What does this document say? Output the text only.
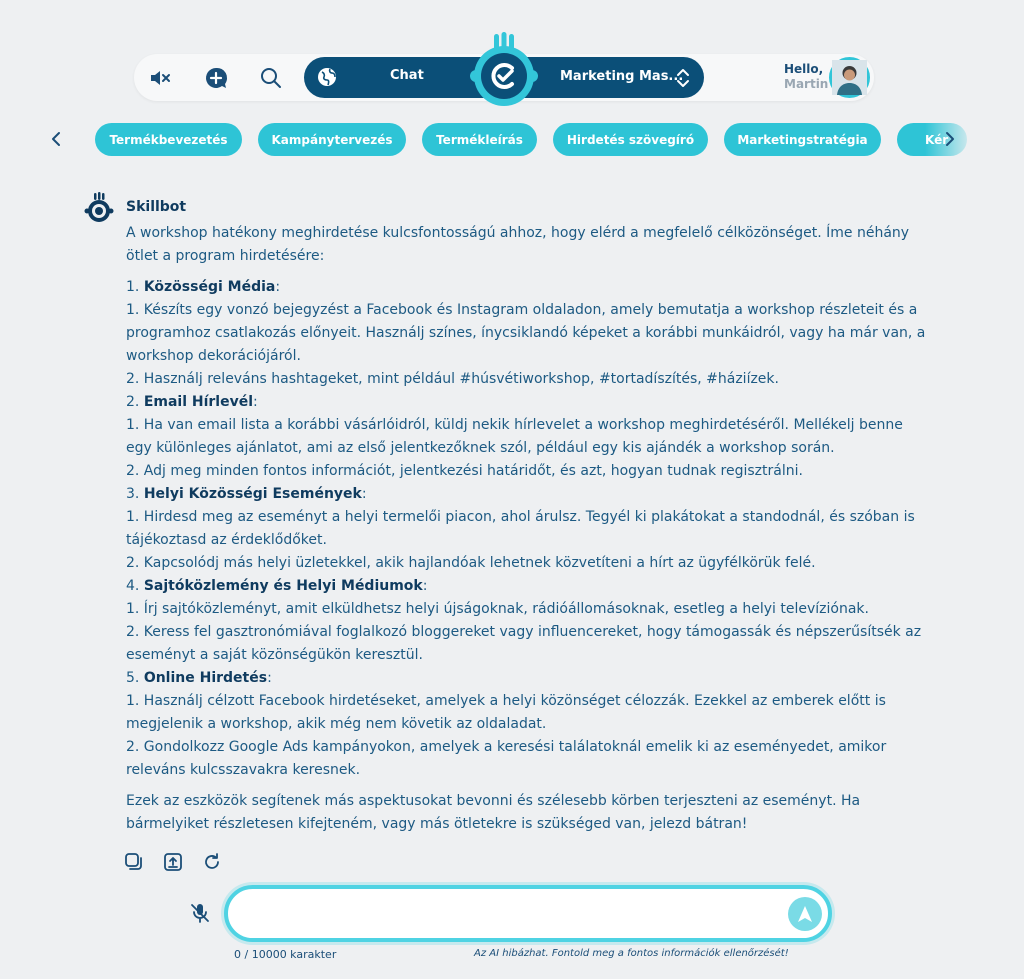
Chat	Marketing Mas...	Hello,
Martin
Termékbevezetés	Kampánytervezés	Termékleírás	Hirdetés szövegíró	Marketingstratégia	Kér
Skillbot

A workshop hatékony meghirdetése kulcsfontosságú ahhoz, hogy elérd a megfelelő célközönséget. Íme néhány ötlet a program hirdetésére:

1. Közösségi Média:

1. Készíts egy vonzó bejegyzést a Facebook és Instagram oldaladon, amely bemutatja a workshop részleteit és a programhoz csatlakozás előnyeit. Használj színes, ínycsiklandó képeket a korábbi munkáidról, vagy ha már van, a workshop dekorációjáról.

2. Használj releváns hashtageket, mint például #húsvétiworkshop, #tortadíszítés, #háziízek.

2. Email Hírlevél:

1. Ha van email lista a korábbi vásárlóidról, küldj nekik hírlevelet a workshop meghirdetéséről. Mellékelj benne egy különleges ajánlatot, ami az első jelentkezőknek szól, például egy kis ajándék a workshop során.

2. Adj meg minden fontos információt, jelentkezési határidőt, és azt, hogyan tudnak regisztrálni.

3. Helyi Közösségi Események:

1. Hirdesd meg az eseményt a helyi termelői piacon, ahol árulsz. Tegyél ki plakátokat a standodnál, és szóban is tájékoztasd az érdeklődőket.

2. Kapcsolódj más helyi üzletekkel, akik hajlandóak lehetnek közvetíteni a hírt az ügyfélkörük felé.

4. Sajtóközlemény és Helyi Médiumok:

1. Írj sajtóközleményt, amit elküldhetsz helyi újságoknak, rádióállomásoknak, esetleg a helyi televíziónak.

2. Keress fel gasztronómiával foglalkozó bloggereket vagy influencereket, hogy támogassák és népszerűsítsék az eseményt a saját közönségükön keresztül.

5. Online Hirdetés:

1. Használj célzott Facebook hirdetéseket, amelyek a helyi közönséget célozzák. Ezekkel az emberek előtt is megjelenik a workshop, akik még nem követik az oldaladat.

2. Gondolkozz Google Ads kampányokon, amelyek a keresési találatoknál emelik ki az eseményedet, amikor releváns kulcsszavakra keresnek.

Ezek az eszközök segítenek más aspektusokat bevonni és szélesebb körben terjeszteni az eseményt. Ha bármelyiket részletesen kifejteném, vagy más ötletekre is szükséged van, jelezd bátran!

0 / 10000 karakter	Az AI hibázhat. Fontold meg a fontos információk ellenőrzését!
